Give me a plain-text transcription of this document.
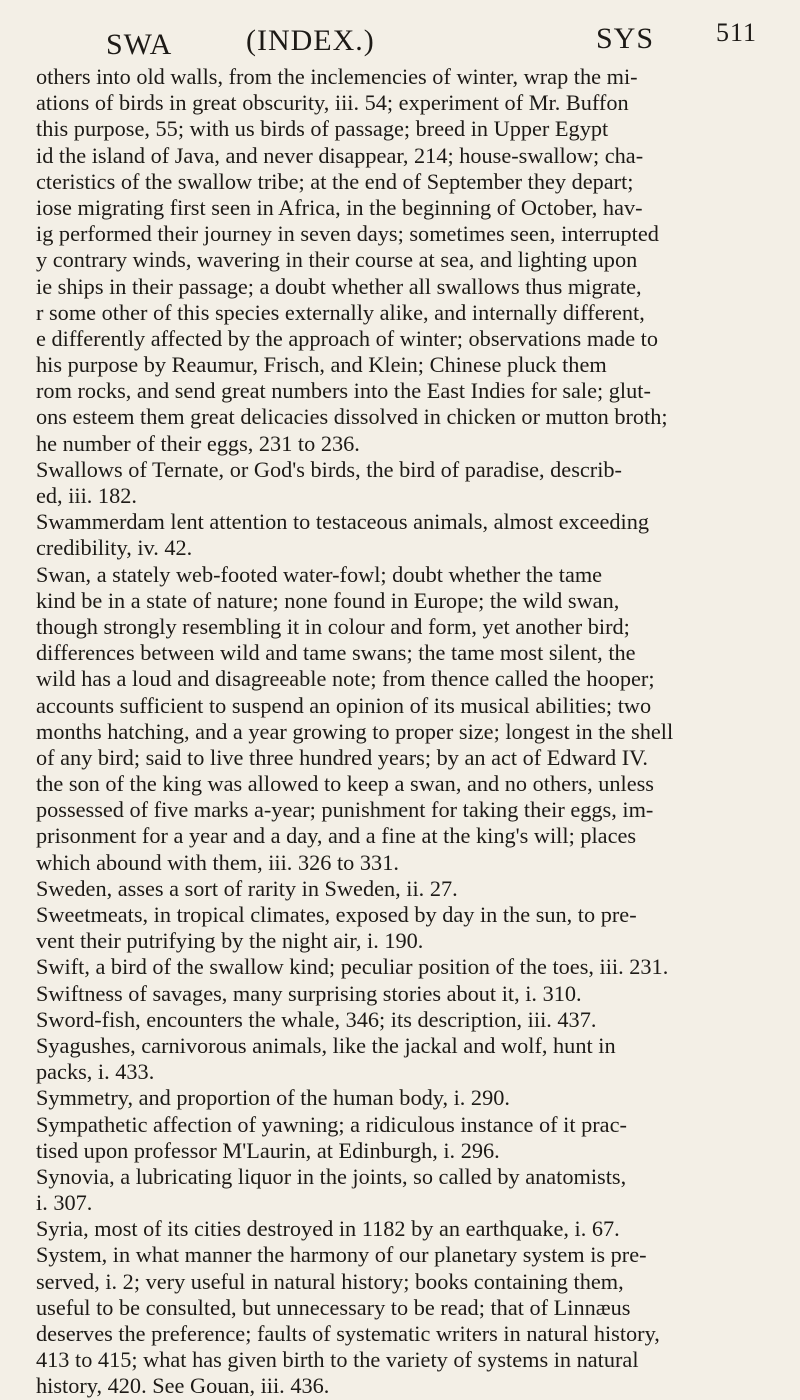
SWA (INDEX.)	SYS 511
others into old walls, from the inclemencies of winter, wrap the mi-
ations of birds in great obscurity, iii. 54; experiment of Mr. Buffon
this purpose, 55; with us birds of passage; breed in Upper Egypt
id the island of Java, and never disappear, 214; house-swallow; cha-
cteristics of the swallow tribe; at the end of September they depart;
iose migrating first seen in Africa, in the beginning of October, hav-
ig performed their journey in seven days; sometimes seen, interrupted
y contrary winds, wavering in their course at sea, and lighting upon
ie ships in their passage; a doubt whether all swallows thus migrate,
r some other of this species externally alike, and internally different,
e differently affected by the approach of winter; observations made to
his purpose by Reaumur, Frisch, and Klein; Chinese pluck them
rom rocks, and send great numbers into the East Indies for sale; glut-
ons esteem them great delicacies dissolved in chicken or mutton broth;
he number of their eggs, 231 to 236.
Swallows of Ternate, or God's birds, the bird of paradise, describ-
ed, iii. 182.
Swammerdam lent attention to testaceous animals, almost exceeding
credibility, iv. 42.
Swan, a stately web-footed water-fowl; doubt whether the tame
kind be in a state of nature; none found in Europe; the wild swan,
though strongly resembling it in colour and form, yet another bird;
differences between wild and tame swans; the tame most silent, the
wild has a loud and disagreeable note; from thence called the hooper;
accounts sufficient to suspend an opinion of its musical abilities; two
months hatching, and a year growing to proper size; longest in the shell
of any bird; said to live three hundred years; by an act of Edward IV.
the son of the king was allowed to keep a swan, and no others, unless
possessed of five marks a-year; punishment for taking their eggs, im-
prisonment for a year and a day, and a fine at the king's will; places
which abound with them, iii. 326 to 331.
Sweden, asses a sort of rarity in Sweden, ii. 27.
Sweetmeats, in tropical climates, exposed by day in the sun, to pre-
vent their putrifying by the night air, i. 190.
Swift, a bird of the swallow kind; peculiar position of the toes, iii. 231.
Swiftness of savages, many surprising stories about it, i. 310.
Sword-fish, encounters the whale, 346; its description, iii. 437.
Syagushes, carnivorous animals, like the jackal and wolf, hunt in
packs, i. 433.
Symmetry, and proportion of the human body, i. 290.
Sympathetic affection of yawning; a ridiculous instance of it prac-
tised upon professor M'Laurin, at Edinburgh, i. 296.
Synovia, a lubricating liquor in the joints, so called by anatomists,
i. 307.
Syria, most of its cities destroyed in 1182 by an earthquake, i. 67.
System, in what manner the harmony of our planetary system is pre-
served, i. 2; very useful in natural history; books containing them,
useful to be consulted, but unnecessary to be read; that of Linnæus
deserves the preference; faults of systematic writers in natural history,
413 to 415; what has given birth to the variety of systems in natural
history, 420. See Gouan, iii. 436.
